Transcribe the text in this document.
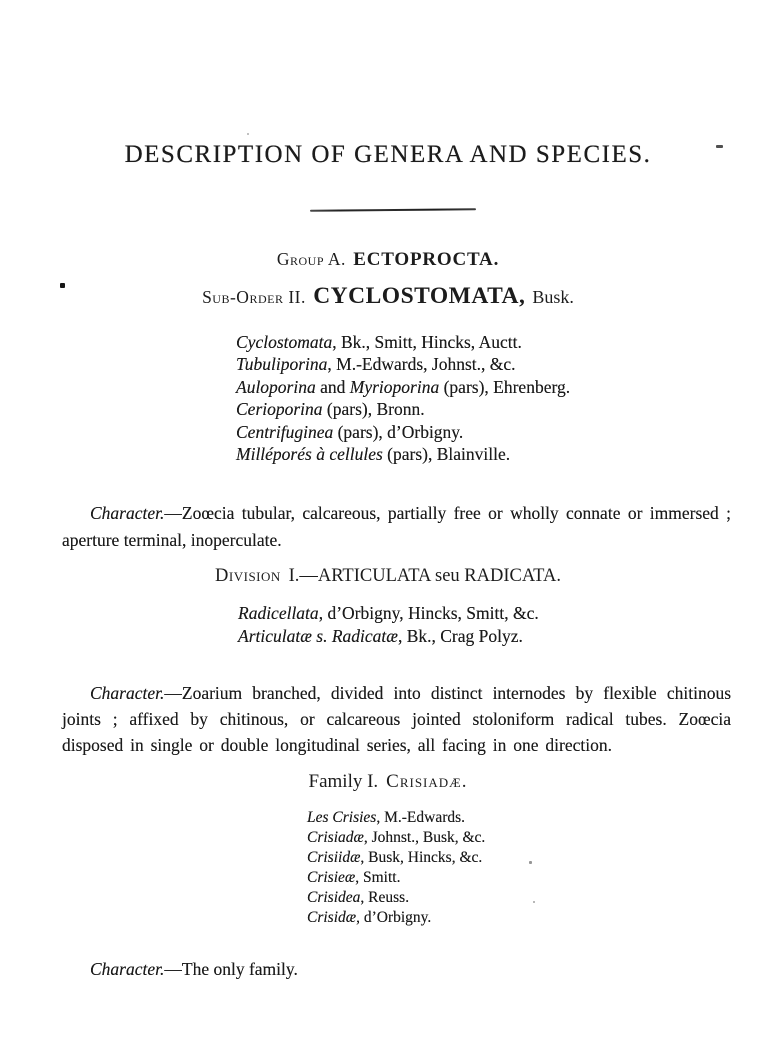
DESCRIPTION OF GENERA AND SPECIES.
Group A. ECTOPROCTA.
Sub-Order II. CYCLOSTOMATA, Busk.
Cyclostomata, Bk., Smitt, Hincks, Auctt.
Tubuliporina, M.-Edwards, Johnst., &c.
Auloporina and Myrioporina (pars), Ehrenberg.
Cerioporina (pars), Bronn.
Centrifuginea (pars), d’Orbigny.
Milléporés à cellules (pars), Blainville.

Character.—Zoœcia tubular, calcareous, partially free or wholly connate or immersed ; aperture terminal, inoperculate.

Division I.—ARTICULATA seu RADICATA.
Radicellata, d’Orbigny, Hincks, Smitt, &c.
Articulatæ s. Radicatæ, Bk., Crag Polyz.

Character.—Zoarium branched, divided into distinct internodes by flexible chitinous joints ; affixed by chitinous, or calcareous jointed stoloniform radical tubes. Zoœcia disposed in single or double longitudinal series, all facing in one direction.

Family I. Crisiadæ.
Les Crisies, M.-Edwards.
Crisiadæ, Johnst., Busk, &c.
Crisiidæ, Busk, Hincks, &c.
Crisieæ, Smitt.
Crisidea, Reuss.
Crisidæ, d’Orbigny.

Character.—The only family.
